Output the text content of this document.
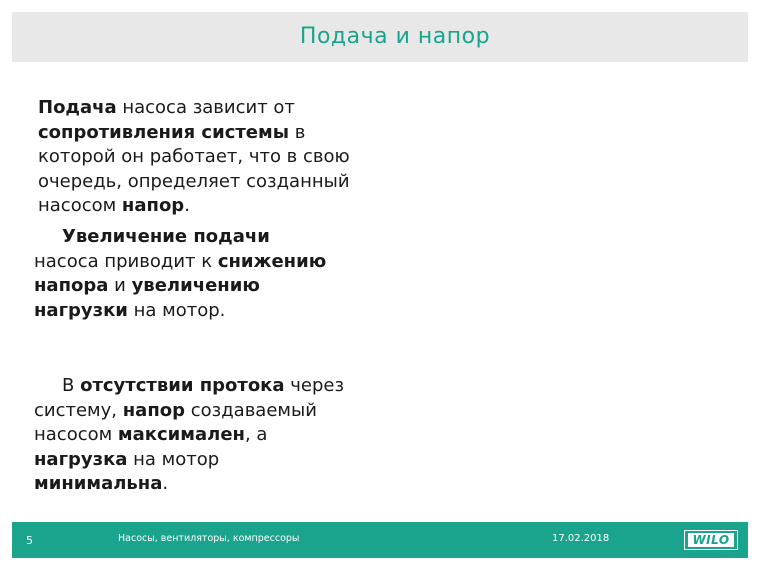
Подача и напор

Подача насоса зависит от сопротивления системы в которой он работает, что в свою очередь, определяет созданный насосом напор.

Увеличение подачи насоса приводит к снижению напора и увеличению нагрузки на мотор.

В отсутствии протока через систему, напор создаваемый насосом максимален, а нагрузка на мотор минимальна.

5	Насосы, вентиляторы, компрессоры	17.02.2018	WILO
